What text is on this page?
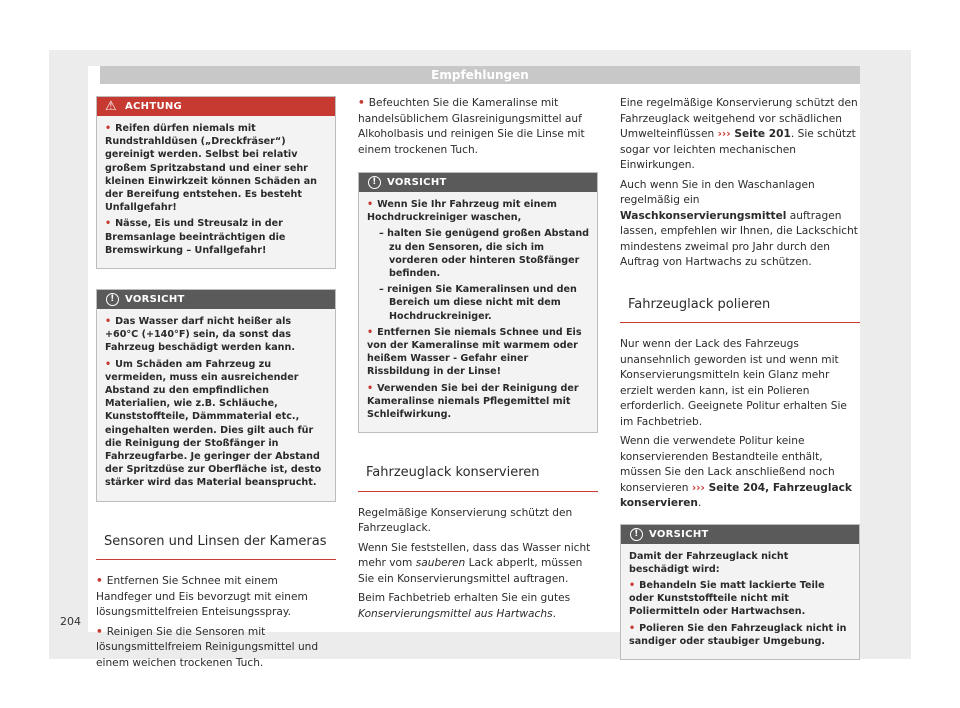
Empfehlungen
⚠ ACHTUNG
• Reifen dürfen niemals mit Rundstrahldüsen („Dreckfräser“) gereinigt werden. Selbst bei relativ großem Spritzabstand und einer sehr kleinen Einwirkzeit können Schäden an der Bereifung entstehen. Es besteht Unfallgefahr!
• Nässe, Eis und Streusalz in der Bremsanlage beeinträchtigen die Bremswirkung – Unfallgefahr!
!	VORSICHT
• Das Wasser darf nicht heißer als +60°C (+140°F) sein, da sonst das Fahrzeug beschädigt werden kann.
• Um Schäden am Fahrzeug zu vermeiden, muss ein ausreichender Abstand zu den empfindlichen Materialien, wie z.B. Schläuche, Kunststoffteile, Dämmmaterial etc., eingehalten werden. Dies gilt auch für die Reinigung der Stoßfänger in Fahrzeugfarbe. Je geringer der Abstand der Spritzdüse zur Oberfläche ist, desto stärker wird das Material beansprucht.
Sensoren und Linsen der Kameras

• Entfernen Sie Schnee mit einem Handfeger und Eis bevorzugt mit einem lösungsmittelfreien Enteisungsspray.

• Reinigen Sie die Sensoren mit lösungsmittelfreiem Reinigungsmittel und einem weichen trockenen Tuch.

• Befeuchten Sie die Kameralinse mit handelsüblichem Glasreinigungsmittel auf Alkoholbasis und reinigen Sie die Linse mit einem trockenen Tuch.

!	VORSICHT
• Wenn Sie Ihr Fahrzeug mit einem Hochdruckreiniger waschen,
– halten Sie genügend großen Abstand zu den Sensoren, die sich im vorderen oder hinteren Stoßfänger befinden.
– reinigen Sie Kameralinsen und den Bereich um diese nicht mit dem Hochdruckreiniger.
• Entfernen Sie niemals Schnee und Eis von der Kameralinse mit warmem oder heißem Wasser - Gefahr einer Rissbildung in der Linse!
• Verwenden Sie bei der Reinigung der Kameralinse niemals Pflegemittel mit Schleifwirkung.
Fahrzeuglack konservieren

Regelmäßige Konservierung schützt den Fahrzeuglack.

Wenn Sie feststellen, dass das Wasser nicht mehr vom sauberen Lack abperlt, müssen Sie ein Konservierungsmittel auftragen.

Beim Fachbetrieb erhalten Sie ein gutes Konservierungsmittel aus Hartwachs.

Eine regelmäßige Konservierung schützt den Fahrzeuglack weitgehend vor schädlichen Umwelteinflüssen ››› Seite 201. Sie schützt sogar vor leichten mechanischen Einwirkungen.

Auch wenn Sie in den Waschanlagen regelmäßig ein Waschkonservierungsmittel auftragen lassen, empfehlen wir Ihnen, die Lackschicht mindestens zweimal pro Jahr durch den Auftrag von Hartwachs zu schützen.

Fahrzeuglack polieren

Nur wenn der Lack des Fahrzeugs unansehnlich geworden ist und wenn mit Konservierungsmitteln kein Glanz mehr erzielt werden kann, ist ein Polieren erforderlich. Geeignete Politur erhalten Sie im Fachbetrieb.

Wenn die verwendete Politur keine konservierenden Bestandteile enthält, müssen Sie den Lack anschließend noch konservieren ››› Seite 204, Fahrzeuglack konservieren.

!	VORSICHT
Damit der Fahrzeuglack nicht beschädigt wird:
• Behandeln Sie matt lackierte Teile oder Kunststoffteile nicht mit Poliermitteln oder Hartwachsen.
• Polieren Sie den Fahrzeuglack nicht in sandiger oder staubiger Umgebung.
204
